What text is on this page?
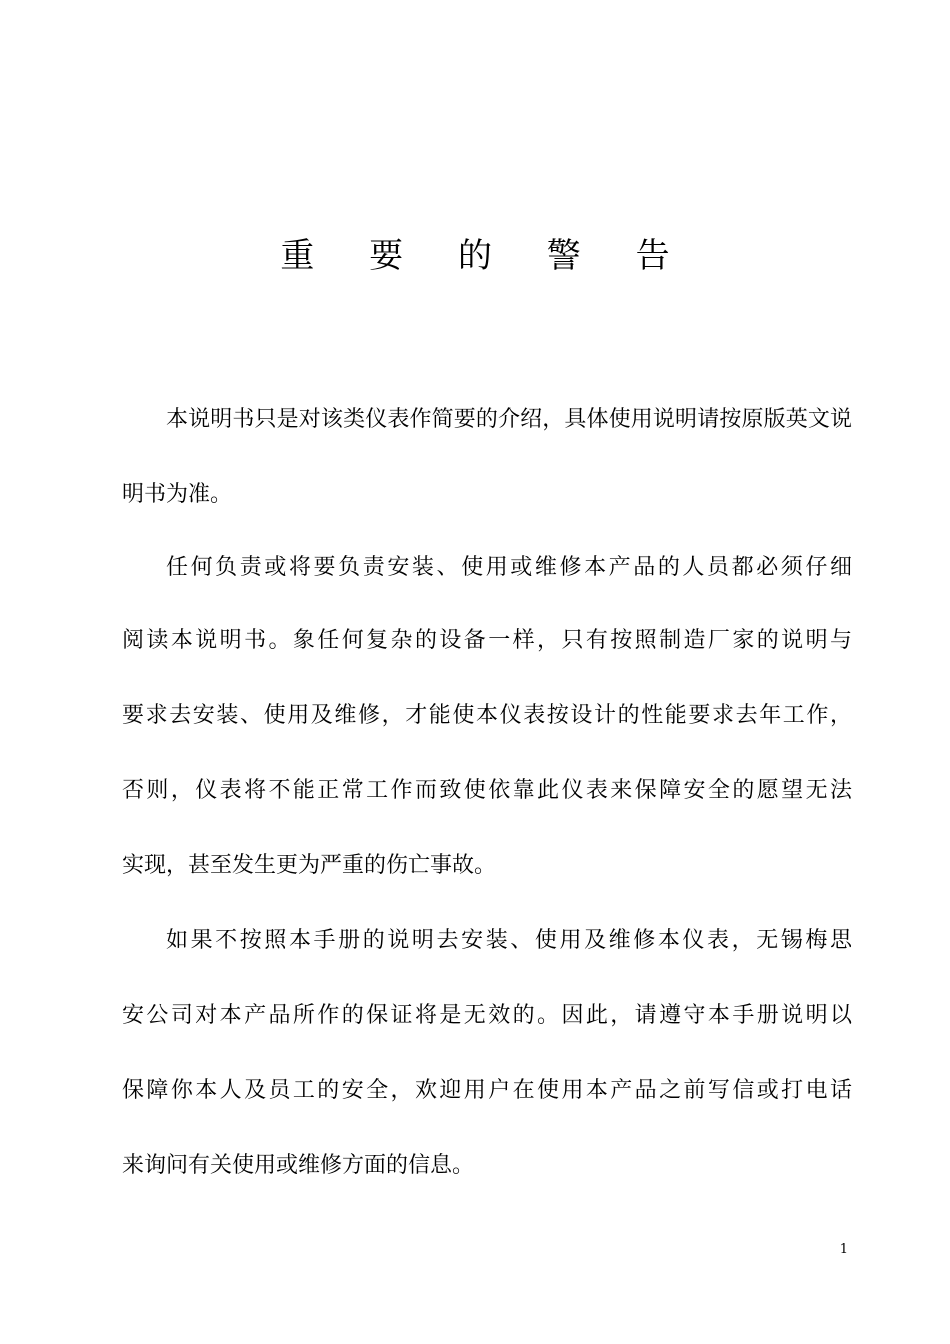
重 要 的 警 告
本说明书只是对该类仪表作简要的介绍，具体使用说明请按原版英文说
明书为准。
任何负责或将要负责安装、使用或维修本产品的人员都必须仔细
阅读本说明书。象任何复杂的设备一样，只有按照制造厂家的说明与
要求去安装、使用及维修，才能使本仪表按设计的性能要求去年工作，
否则，仪表将不能正常工作而致使依靠此仪表来保障安全的愿望无法
实现，甚至发生更为严重的伤亡事故。
如果不按照本手册的说明去安装、使用及维修本仪表，无锡梅思
安公司对本产品所作的保证将是无效的。因此，请遵守本手册说明以
保障你本人及员工的安全，欢迎用户在使用本产品之前写信或打电话
来询问有关使用或维修方面的信息。
1
